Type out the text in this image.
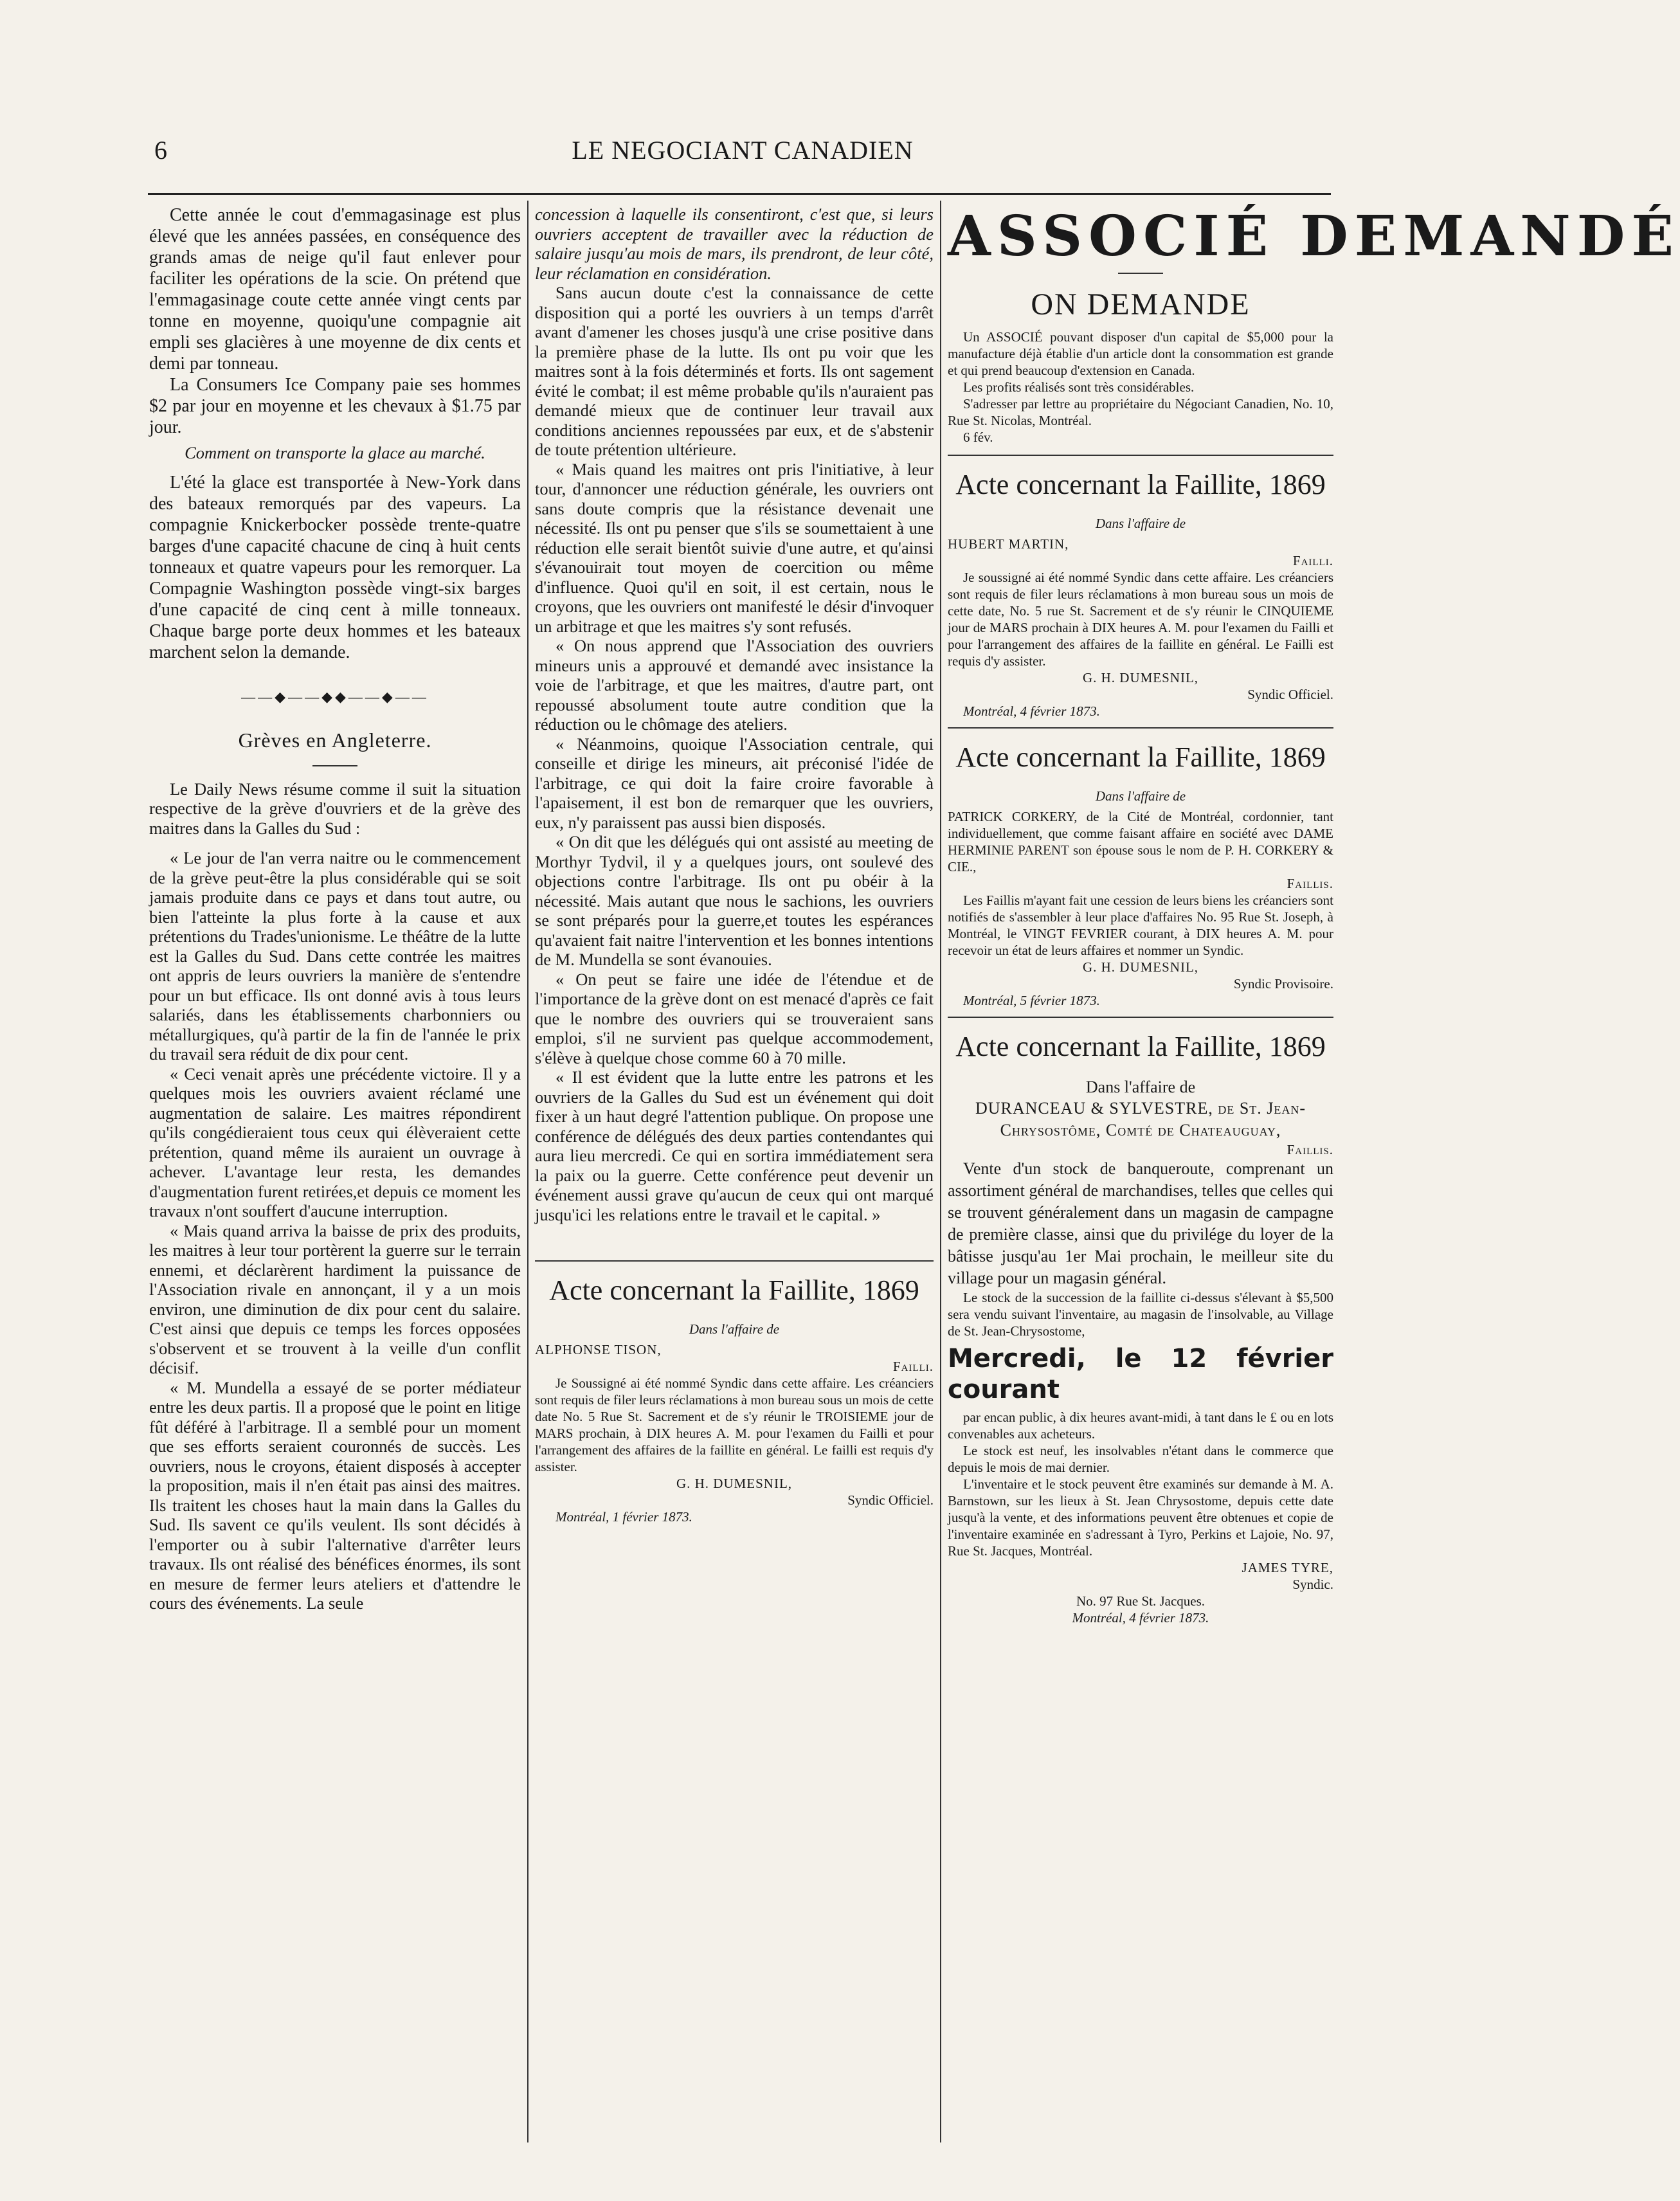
6	LE NEGOCIANT CANADIEN

Cette année le cout d'emmagasinage est plus élevé que les années passées, en conséquence des grands amas de neige qu'il faut enlever pour faciliter les opérations de la scie. On prétend que l'emmagasinage coute cette année vingt cents par tonne en moyenne, quoiqu'une compagnie ait empli ses glacières à une moyenne de dix cents et demi par tonneau.

La Consumers Ice Company paie ses hommes $2 par jour en moyenne et les chevaux à $1.75 par jour.

Comment on transporte la glace au marché.

L'été la glace est transportée à New-York dans des bateaux remorqués par des vapeurs. La compagnie Knickerbocker possède trente-quatre barges d'une capacité chacune de cinq à huit cents tonneaux et quatre vapeurs pour les remorquer. La Compagnie Washington possède vingt-six barges d'une capacité de cinq cent à mille tonneaux. Chaque barge porte deux hommes et les bateaux marchent selon la demande.

——◆——◆◆——◆——
Grèves en Angleterre.

Le Daily News résume comme il suit la situation respective de la grève d'ouvriers et de la grève des maitres dans la Galles du Sud :

« Le jour de l'an verra naitre ou le commencement de la grève peut-être la plus considérable qui se soit jamais produite dans ce pays et dans tout autre, ou bien l'atteinte la plus forte à la cause et aux prétentions du Trades'unionisme. Le théâtre de la lutte est la Galles du Sud. Dans cette contrée les maitres ont appris de leurs ouvriers la manière de s'entendre pour un but efficace. Ils ont donné avis à tous leurs salariés, dans les établissements charbonniers ou métallurgiques, qu'à partir de la fin de l'année le prix du travail sera réduit de dix pour cent.

« Ceci venait après une précédente victoire. Il y a quelques mois les ouvriers avaient réclamé une augmentation de salaire. Les maitres répondirent qu'ils congédieraient tous ceux qui élèveraient cette prétention, quand même ils auraient un ouvrage à achever. L'avantage leur resta, les demandes d'augmentation furent retirées,et depuis ce moment les travaux n'ont souffert d'aucune interruption.

« Mais quand arriva la baisse de prix des produits, les maitres à leur tour portèrent la guerre sur le terrain ennemi, et déclarèrent hardiment la puissance de l'Association rivale en annonçant, il y a un mois environ, une diminution de dix pour cent du salaire. C'est ainsi que depuis ce temps les forces opposées s'observent et se trouvent à la veille d'un conflit décisif.

« M. Mundella a essayé de se porter médiateur entre les deux partis. Il a proposé que le point en litige fût déféré à l'arbitrage. Il a semblé pour un moment que ses efforts seraient couronnés de succès. Les ouvriers, nous le croyons, étaient disposés à accepter la proposition, mais il n'en était pas ainsi des maitres. Ils traitent les choses haut la main dans la Galles du Sud. Ils savent ce qu'ils veulent. Ils sont décidés à l'emporter ou à subir l'alternative d'arrêter leurs travaux. Ils ont réalisé des bénéfices énormes, ils sont en mesure de fermer leurs ateliers et d'attendre le cours des événements. La seule

concession à laquelle ils consentiront, c'est que, si leurs ouvriers acceptent de travailler avec la réduction de salaire jusqu'au mois de mars, ils prendront, de leur côté, leur réclamation en considération.

Sans aucun doute c'est la connaissance de cette disposition qui a porté les ouvriers à un temps d'arrêt avant d'amener les choses jusqu'à une crise positive dans la première phase de la lutte. Ils ont pu voir que les maitres sont à la fois déterminés et forts. Ils ont sagement évité le combat; il est même probable qu'ils n'auraient pas demandé mieux que de continuer leur travail aux conditions anciennes repoussées par eux, et de s'abstenir de toute prétention ultérieure.

« Mais quand les maitres ont pris l'initiative, à leur tour, d'annoncer une réduction générale, les ouvriers ont sans doute compris que la résistance devenait une nécessité. Ils ont pu penser que s'ils se soumettaient à une réduction elle serait bientôt suivie d'une autre, et qu'ainsi s'évanouirait tout moyen de coercition ou même d'influence. Quoi qu'il en soit, il est certain, nous le croyons, que les ouvriers ont manifesté le désir d'invoquer un arbitrage et que les maitres s'y sont refusés.

« On nous apprend que l'Association des ouvriers mineurs unis a approuvé et demandé avec insistance la voie de l'arbitrage, et que les maitres, d'autre part, ont repoussé absolument toute autre condition que la réduction ou le chômage des ateliers.

« Néanmoins, quoique l'Association centrale, qui conseille et dirige les mineurs, ait préconisé l'idée de l'arbitrage, ce qui doit la faire croire favorable à l'apaisement, il est bon de remarquer que les ouvriers, eux, n'y paraissent pas aussi bien disposés.

« On dit que les délégués qui ont assisté au meeting de Morthyr Tydvil, il y a quelques jours, ont soulevé des objections contre l'arbitrage. Ils ont pu obéir à la nécessité. Mais autant que nous le sachions, les ouvriers se sont préparés pour la guerre,et toutes les espérances qu'avaient fait naitre l'intervention et les bonnes intentions de M. Mundella se sont évanouies.

« On peut se faire une idée de l'étendue et de l'importance de la grève dont on est menacé d'après ce fait que le nombre des ouvriers qui se trouveraient sans emploi, s'il ne survient pas quelque accommodement, s'élève à quelque chose comme 60 à 70 mille.

« Il est évident que la lutte entre les patrons et les ouvriers de la Galles du Sud est un événement qui doit fixer à un haut degré l'attention publique. On propose une conférence de délégués des deux parties contendantes qui aura lieu mercredi. Ce qui en sortira immédiatement sera la paix ou la guerre. Cette conférence peut devenir un événement aussi grave qu'aucun de ceux qui ont marqué jusqu'ici les relations entre le travail et le capital. »

Acte concernant la Faillite, 1869
Dans l'affaire de

ALPHONSE TISON,

Failli.

Je Soussigné ai été nommé Syndic dans cette affaire. Les créanciers sont requis de filer leurs réclamations à mon bureau sous un mois de cette date No. 5 Rue St. Sacrement et de s'y réunir le TROISIEME jour de MARS prochain, à DIX heures A. M. pour l'examen du Failli et pour l'arrangement des affaires de la faillite en général. Le failli est requis d'y assister.

G. H. DUMESNIL,

Syndic Officiel.

Montréal, 1 février 1873.

ASSOCIÉ DEMANDÉ
ON DEMANDE

Un ASSOCIÉ pouvant disposer d'un capital de $5,000 pour la manufacture déjà établie d'un article dont la consommation est grande et qui prend beaucoup d'extension en Canada.

Les profits réalisés sont très considérables.

S'adresser par lettre au propriétaire du Négociant Canadien, No. 10, Rue St. Nicolas, Montréal.

6 fév.

Acte concernant la Faillite, 1869
Dans l'affaire de

HUBERT MARTIN,

Failli.

Je soussigné ai été nommé Syndic dans cette affaire. Les créanciers sont requis de filer leurs réclamations à mon bureau sous un mois de cette date, No. 5 rue St. Sacrement et de s'y réunir le CINQUIEME jour de MARS prochain à DIX heures A. M. pour l'examen du Failli et pour l'arrangement des affaires de la faillite en général. Le Failli est requis d'y assister.

G. H. DUMESNIL,

Syndic Officiel.

Montréal, 4 février 1873.

Acte concernant la Faillite, 1869
Dans l'affaire de

PATRICK CORKERY, de la Cité de Montréal, cordonnier, tant individuellement, que comme faisant affaire en société avec DAME HERMINIE PARENT son épouse sous le nom de P. H. CORKERY & CIE.,

Faillis.

Les Faillis m'ayant fait une cession de leurs biens les créanciers sont notifiés de s'assembler à leur place d'affaires No. 95 Rue St. Joseph, à Montréal, le VINGT FEVRIER courant, à DIX heures A. M. pour recevoir un état de leurs affaires et nommer un Syndic.

G. H. DUMESNIL,

Syndic Provisoire.

Montréal, 5 février 1873.

Acte concernant la Faillite, 1869

Dans l'affaire de

DURANCEAU & SYLVESTRE, de St. Jean-Chrysostôme, Comté de Chateauguay,

Faillis.

Vente d'un stock de banqueroute, comprenant un assortiment général de marchandises, telles que celles qui se trouvent généralement dans un magasin de campagne de première classe, ainsi que du privilége du loyer de la bâtisse jusqu'au 1er Mai prochain, le meilleur site du village pour un magasin général.

Le stock de la succession de la faillite ci-dessus s'élevant à $5,500 sera vendu suivant l'inventaire, au magasin de l'insolvable, au Village de St. Jean-Chrysostome,

Mercredi, le 12 février courant

par encan public, à dix heures avant-midi, à tant dans le £ ou en lots convenables aux acheteurs.

Le stock est neuf, les insolvables n'étant dans le commerce que depuis le mois de mai dernier.

L'inventaire et le stock peuvent être examinés sur demande à M. A. Barnstown, sur les lieux à St. Jean Chrysostome, depuis cette date jusqu'à la vente, et des informations peuvent être obtenues et copie de l'inventaire examinée en s'adressant à Tyro, Perkins et Lajoie, No. 97, Rue St. Jacques, Montréal.

JAMES TYRE,

Syndic.

No. 97 Rue St. Jacques.

Montréal, 4 février 1873.
